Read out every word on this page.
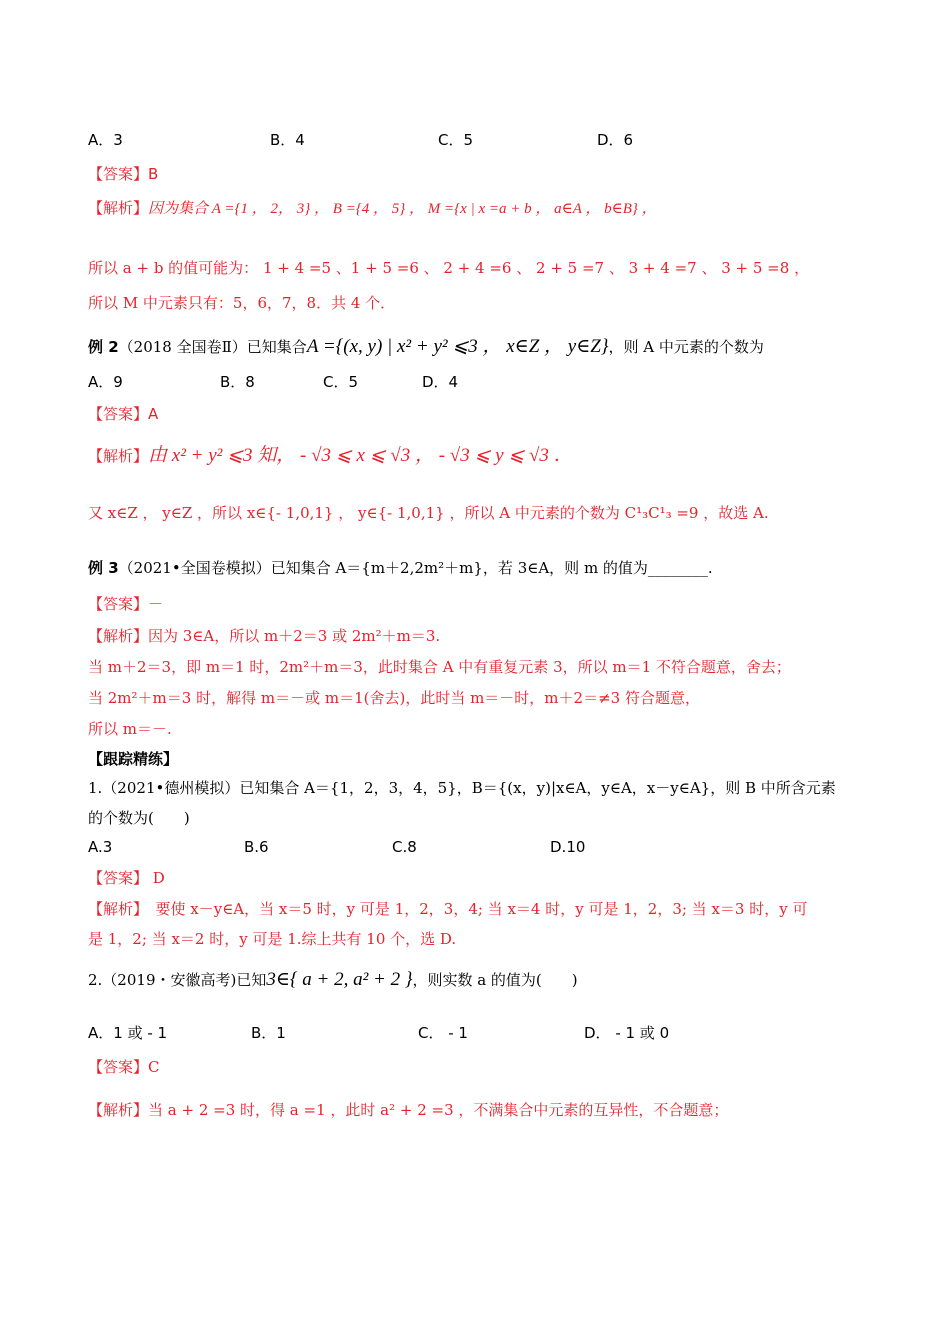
A．3	B．4	C．5	D．6
【答案】B
【解析】因为集合 A ={1 ， 2， 3} ， B ={4 ， 5} ， M ={x | x =a + b ， a∈A ， b∈B} ，
所以 a + b 的值可能为： 1 + 4 =5 、1 + 5 =6 、 2 + 4 =6 、 2 + 5 =7 、 3 + 4 =7 、 3 + 5 =8 ，
所以 M 中元素只有：5，6，7，8．共 4 个．
例 2（2018 全国卷Ⅱ）已知集合A ={(x, y) | x² + y² ⩽3 ， x∈Z ， y∈Z}，则 A 中元素的个数为
A．9	B．8	C．5	D．4
【答案】A
【解析】由 x² + y² ⩽3 知， - √3 ⩽ x ⩽ √3 ， - √3 ⩽ y ⩽ √3 ．
又 x∈Z ， y∈Z ，所以 x∈{- 1,0,1} ， y∈{- 1,0,1} ，所以 A 中元素的个数为 C¹₃C¹₃ =9 ，故选 A.
例 3（2021•全国卷模拟）已知集合 A＝{m＋2,2m²＋m}，若 3∈A，则 m 的值为________.
【答案】－
【解析】因为 3∈A，所以 m＋2＝3 或 2m²＋m＝3.
当 m＋2＝3，即 m＝1 时，2m²＋m＝3，此时集合 A 中有重复元素 3，所以 m＝1 不符合题意，舍去；
当 2m²＋m＝3 时，解得 m＝－或 m＝1(舍去)，此时当 m＝－时，m＋2＝≠3 符合题意，
所以 m＝－.
【跟踪精练】
1.（2021•德州模拟）已知集合 A＝{1，2，3，4，5}，B＝{(x，y)|x∈A，y∈A，x－y∈A}，则 B 中所含元素
的个数为(　　)
A.3	B.6	C.8	D.10
【答案】 D
【解析】　要使 x－y∈A，当 x＝5 时，y 可是 1，2，3，4; 当 x＝4 时，y 可是 1，2，3; 当 x＝3 时，y 可
是 1，2; 当 x＝2 时，y 可是 1.综上共有 10 个，选 D.
2.（2019・安徽高考)已知3∈{ a + 2, a² + 2 }，则实数 a 的值为(　　)
A．1 或 - 1	B．1	C． - 1	D． - 1 或 0
【答案】C
【解析】当 a + 2 =3 时，得 a =1 ，此时 a² + 2 =3 ，不满集合中元素的互异性，不合题意；
